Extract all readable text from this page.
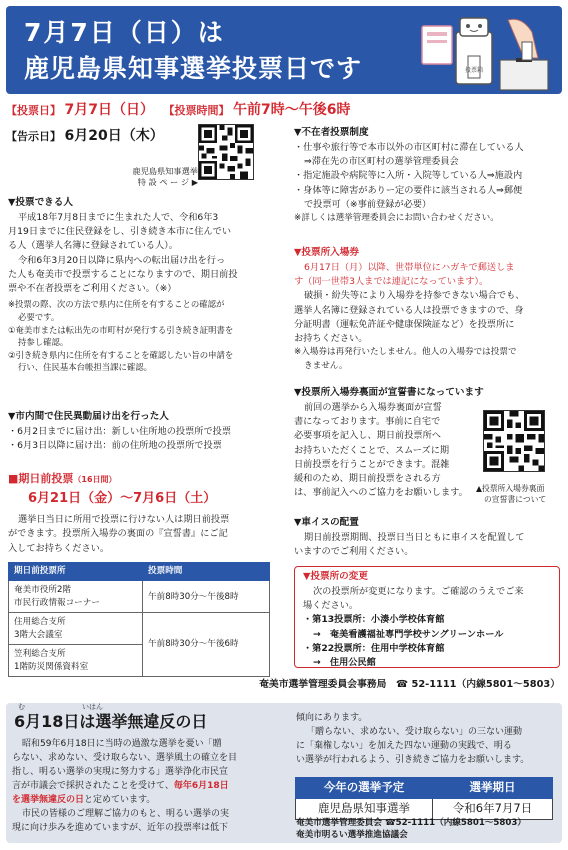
7月7日（日）は
鹿児島県知事選挙投票日です	投票箱
【投票日】 7月7日（日） 【投票時間】 午前7時〜午後6時
【告示日】 6月20日（木）
鹿児島県知事選挙
特 設 ペ ー ジ ▶
▼投票できる人
平成18年7月8日までに生まれた人で、令和6年3
月19日までに住民登録をし、引き続き本市に住んでい
る人（選挙人名簿に登録されている人）。
令和6年3月20日以降に県内への転出届け出を行っ
た人も奄美市で投票することになりますので、期日前投
票や不在者投票をご利用ください。（※）
※投票の際、次の方法で県内に住所を有することの確認が
必要です。
①奄美市または転出先の市町村が発行する引き続き証明書を
持参し確認。
②引き続き県内に住所を有することを確認したい旨の申請を
行い、住民基本台帳担当課に確認。
▼市内間で住民異動届け出を行った人
・6月2日までに届け出：新しい住所地の投票所で投票
・6月3日以降に届け出：前の住所地の投票所で投票
■期日前投票（16日間）
6月21日（金）〜7月6日（土）
選挙日当日に所用で投票に行けない人は期日前投票
ができます。投票所入場券の裏面の『宣誓書』にご記
入してお持ちください。
期日前投票所	投票時間

奄美市役所2階
市民行政情報コーナー	午前8時30分〜午後8時

住用総合支所
3階大会議室	午前8時30分〜午後6時

笠利総合支所
1階防災関係資料室	
▼不在者投票制度
・仕事や旅行等で本市以外の市区町村に滞在している人
⇒滞在先の市区町村の選挙管理委員会
・指定施設や病院等に入所・入院等している人⇒施設内
・身体等に障害がありー定の要件に該当される人⇒郵便
で投票可（※事前登録が必要）
※詳しくは選挙管理委員会にお問い合わせください。
▼投票所入場券
6月17日（月）以降、世帯単位にハガキで郵送しま
す（同一世帯3人までは連記になっています）。
破損・紛失等により入場券を持参できない場合でも、
選挙人名簿に登録されている人は投票できますので、身
分証明書（運転免許証や健康保険証など）を投票所に
お持ちください。
※入場券は再発行いたしません。他人の入場券では投票で
きません。
▼投票所入場券裏面が宣誓書になっています
前回の選挙から入場券裏面が宣誓
書になっております。事前に自宅で
必要事項を記入し、期日前投票所へ
お持ちいただくことで、スムーズに期
日前投票を行うことができます。混雑
緩和のため、期日前投票をされる方
は、事前記入へのご協力をお願いします。	▲投票所入場券裏面
の宣誓書について
▼車イスの配置
期日前投票期間、投票日当日ともに車イスを配置して
いますのでご利用ください。
▼投票所の変更
次の投票所が変更になります。ご確認のうえでご来
場ください。
・第13投票所：小湊小学校体育館
→　奄美看護福祉専門学校サングリーンホール
・第22投票所：住用中学校体育館
→　住用公民館
奄美市選挙管理委員会事務局 ☎ 52-1111（内線5801〜5803）
む	いはん
6月18日は選挙無違反の日
昭和59年6月18日に当時の過激な選挙を憂い「贈
らない、求めない、受け取らない、選挙風土の確立を目
指し、明るい選挙の実現に努力する」選挙浄化市民宣
言が市議会で採択されたことを受けて、毎年6月18日
を選挙無違反の日と定めています。
市民の皆様のご理解ご協力のもと、明るい選挙の実
現に向け歩みを進めていますが、近年の投票率は低下
傾向にあります。
「贈らない、求めない、受け取らない」の三ない運動
に「棄権しない」を加えた四ない運動の実践で、明る
い選挙が行われるよう、引き続きご協力をお願いします。
今年の選挙予定	選挙期日
鹿児島県知事選挙	令和6年7月7日
奄美市選挙管理委員会 ☎52-1111（内線5801〜5803）
奄美市明るい選挙推進協議会
